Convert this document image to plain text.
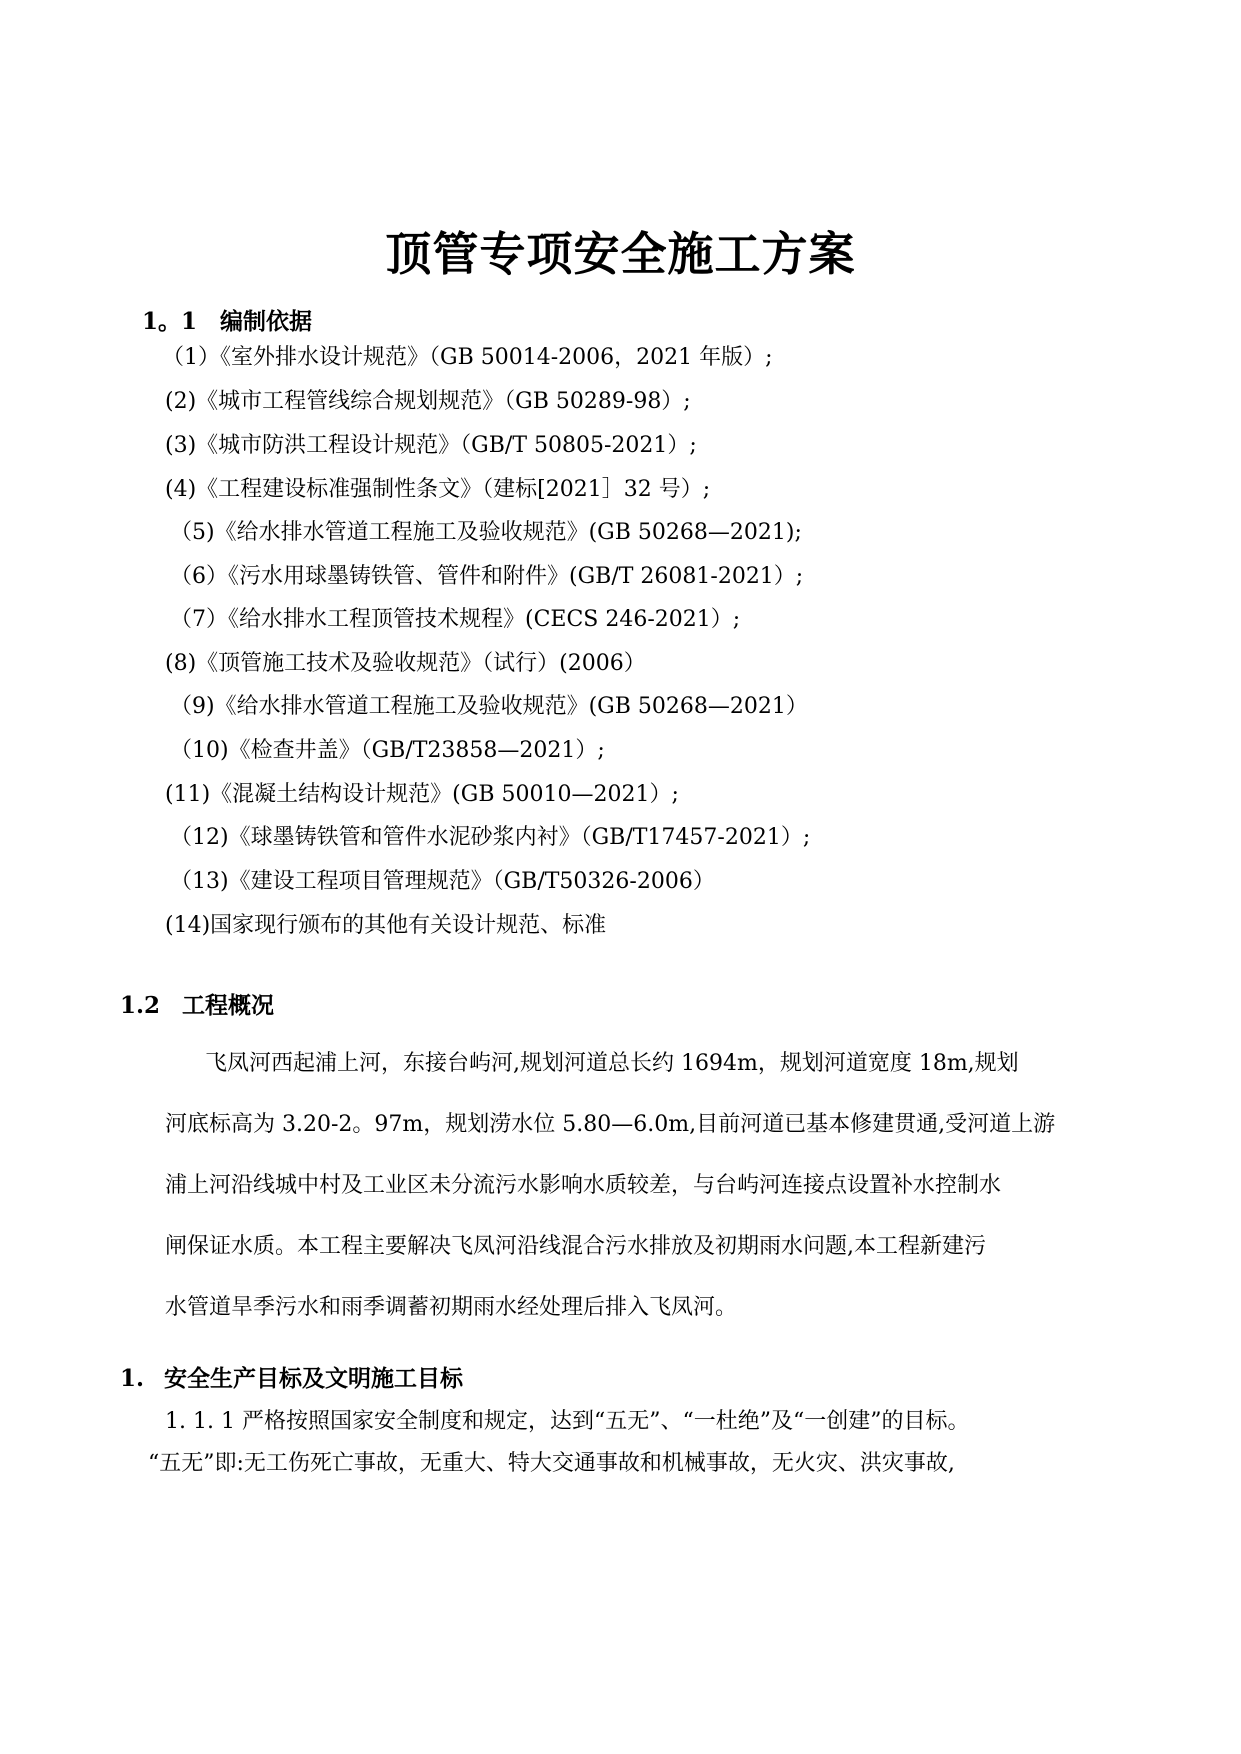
顶管专项安全施工方案
1。1 编制依据
（1）《室外排水设计规范》（GB 50014-2006，2021 年版）;
(2)《城市工程管线综合规划规范》（GB 50289-98）;
(3)《城市防洪工程设计规范》（GB/T 50805-2021）;
(4)《工程建设标准强制性条文》（建标[2021］32 号）;
（5)《给水排水管道工程施工及验收规范》(GB 50268—2021);
（6）《污水用球墨铸铁管、管件和附件》(GB/T 26081-2021）;
（7）《给水排水工程顶管技术规程》(CECS 246-2021）;
(8)《顶管施工技术及验收规范》（试行）(2006）
（9)《给水排水管道工程施工及验收规范》(GB 50268—2021）
（10)《检查井盖》（GB/T23858—2021）;
(11)《混凝土结构设计规范》(GB 50010—2021）;
（12)《球墨铸铁管和管件水泥砂浆内衬》（GB/T17457-2021）;
（13)《建设工程项目管理规范》（GB/T50326-2006）
(14)国家现行颁布的其他有关设计规范、标准
1.2 工程概况
飞凤河西起浦上河，东接台屿河,规划河道总长约 1694m，规划河道宽度 18m,规划
河底标高为 3.20-2。97m，规划涝水位 5.80—6.0m,目前河道已基本修建贯通,受河道上游
浦上河沿线城中村及工业区未分流污水影响水质较差，与台屿河连接点设置补水控制水
闸保证水质。本工程主要解决飞凤河沿线混合污水排放及初期雨水问题,本工程新建污
水管道旱季污水和雨季调蓄初期雨水经处理后排入飞凤河。
1. 安全生产目标及文明施工目标
1. 1. 1 严格按照国家安全制度和规定，达到“五无”、“一杜绝”及“一创建”的目标。
“五无”即:无工伤死亡事故，无重大、特大交通事故和机械事故，无火灾、洪灾事故,
